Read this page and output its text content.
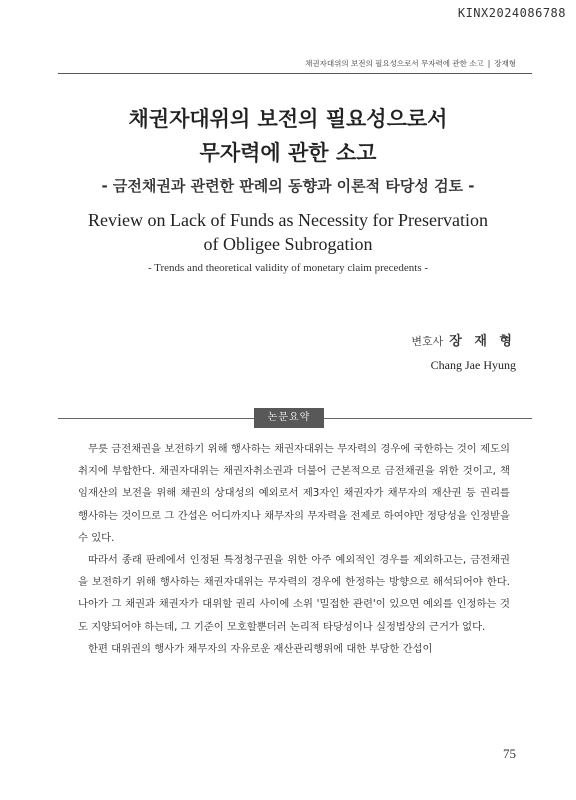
KINX2024086788
채권자대위의 보전의 필요성으로서 무자력에 관한 소고 | 장재형

채권자대위의 보전의 필요성으로서

무자력에 관한 소고

- 금전채권과 관련한 판례의 동향과 이론적 타당성 검토 -

Review on Lack of Funds as Necessity for Preservation

of Obligee Subrogation

- Trends and theoretical validity of monetary claim precedents -

변호사 장 재 형
Chang Jae Hyung
논문요약

무릇 금전채권을 보전하기 위해 행사하는 채권자대위는 무자력의 경우에 국한하는 것이 제도의 취지에 부합한다. 채권자대위는 채권자취소권과 더불어 근본적으로 금전채권을 위한 것이고, 책임재산의 보전을 위해 채권의 상대성의 예외로서 제3자인 채권자가 채무자의 재산권 등 권리를 행사하는 것이므로 그 간섭은 어디까지나 채무자의 무자력을 전제로 하여야만 정당성을 인정받을 수 있다.

따라서 종래 판례에서 인정된 특정청구권을 위한 아주 예외적인 경우를 제외하고는, 금전채권을 보전하기 위해 행사하는 채권자대위는 무자력의 경우에 한정하는 방향으로 해석되어야 한다. 나아가 그 채권과 채권자가 대위할 권리 사이에 소위 '밀접한 관련'이 있으면 예외를 인정하는 것도 지양되어야 하는데, 그 기준이 모호할뿐더러 논리적 타당성이나 실정법상의 근거가 없다.

한편 대위권의 행사가 채무자의 자유로운 재산관리행위에 대한 부당한 간섭이

75
